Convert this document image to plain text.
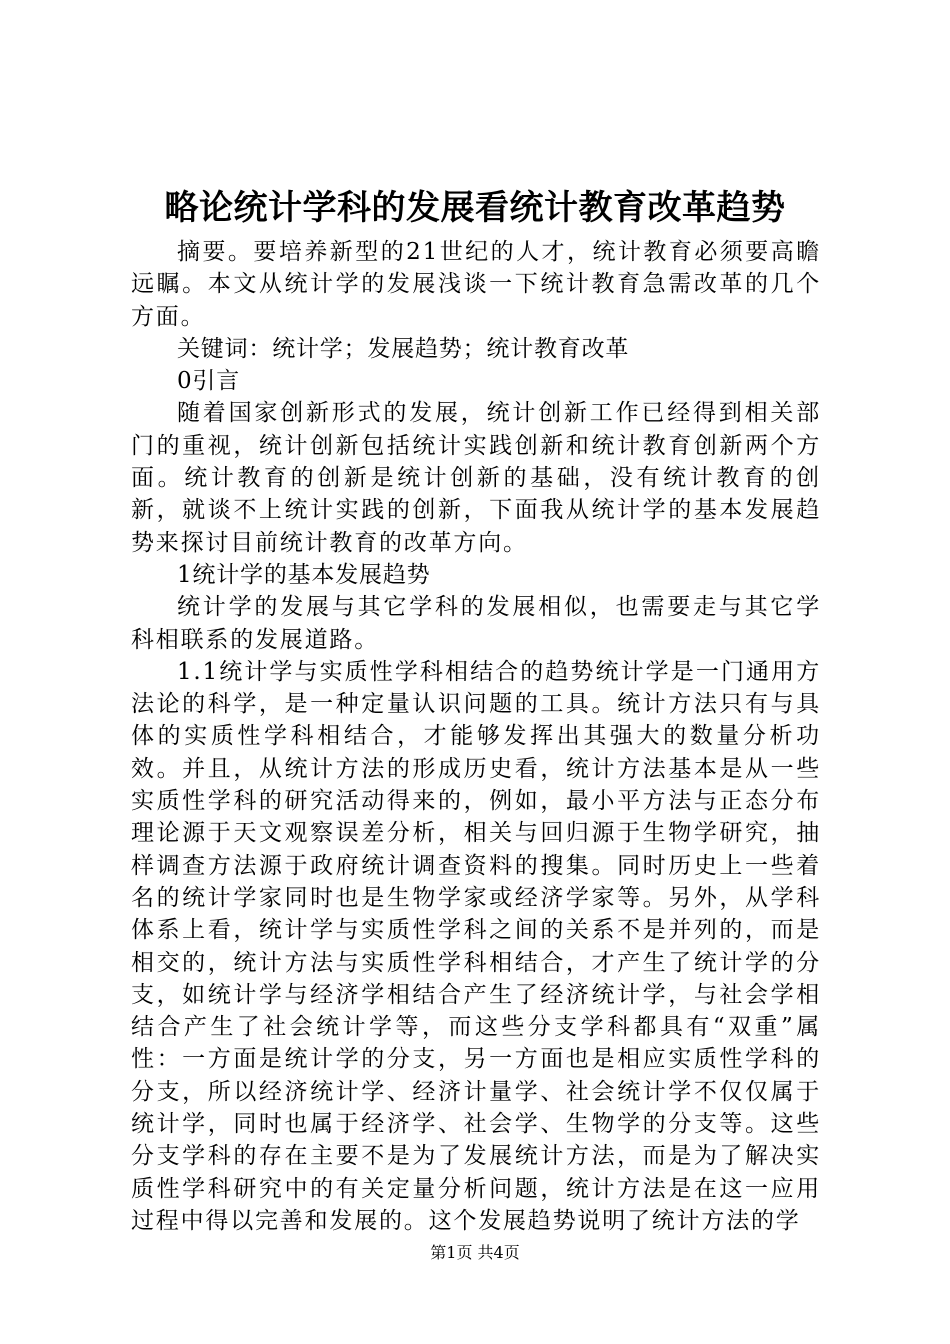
略论统计学科的发展看统计教育改革趋势

摘要。要培养新型的21世纪的人才，统计教育必须要高瞻远瞩。本文从统计学的发展浅谈一下统计教育急需改革的几个方面。

关键词：统计学；发展趋势；统计教育改革

0引言

随着国家创新形式的发展，统计创新工作已经得到相关部门的重视，统计创新包括统计实践创新和统计教育创新两个方面。统计教育的创新是统计创新的基础，没有统计教育的创新，就谈不上统计实践的创新，下面我从统计学的基本发展趋势来探讨目前统计教育的改革方向。

1统计学的基本发展趋势

统计学的发展与其它学科的发展相似，也需要走与其它学科相联系的发展道路。

1.1统计学与实质性学科相结合的趋势统计学是一门通用方法论的科学，是一种定量认识问题的工具。统计方法只有与具体的实质性学科相结合，才能够发挥出其强大的数量分析功效。并且，从统计方法的形成历史看，统计方法基本是从一些实质性学科的研究活动得来的，例如，最小平方法与正态分布理论源于天文观察误差分析，相关与回归源于生物学研究，抽样调查方法源于政府统计调查资料的搜集。同时历史上一些着名的统计学家同时也是生物学家或经济学家等。另外，从学科体系上看，统计学与实质性学科之间的关系不是并列的，而是相交的，统计方法与实质性学科相结合，才产生了统计学的分支，如统计学与经济学相结合产生了经济统计学，与社会学相结合产生了社会统计学等，而这些分支学科都具有“双重”属性：一方面是统计学的分支，另一方面也是相应实质性学科的分支，所以经济统计学、经济计量学、社会统计学不仅仅属于统计学，同时也属于经济学、社会学、生物学的分支等。这些分支学科的存在主要不是为了发展统计方法，而是为了解决实质性学科研究中的有关定量分析问题，统计方法是在这一应用过程中得以完善和发展的。这个发展趋势说明了统计方法的学

第1页 共4页
